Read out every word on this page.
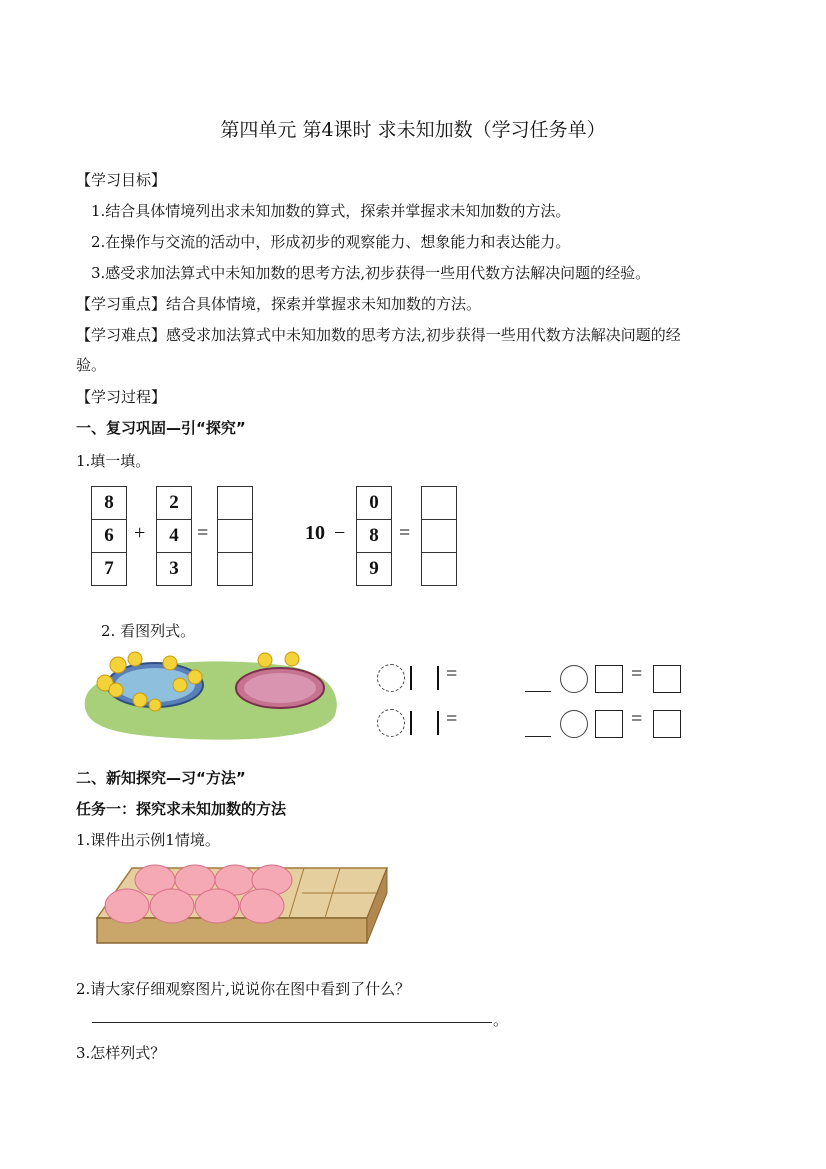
第四单元 第4课时 求未知加数（学习任务单）
【学习目标】
1.结合具体情境列出求未知加数的算式，探索并掌握求未知加数的方法。
2.在操作与交流的活动中，形成初步的观察能力、想象能力和表达能力。
3.感受求加法算式中未知加数的思考方法,初步获得一些用代数方法解决问题的经验。
【学习重点】结合具体情境，探索并掌握求未知加数的方法。
【学习难点】感受求加法算式中未知加数的思考方法,初步获得一些用代数方法解决问题的经
验。
【学习过程】
一、复习巩固—引“探究”
1.填一填。
8
6
7
+
2
4
3
=	10 −
0
8
9
=
2. 看图列式。
=	=
=	=
二、新知探究—习“方法”
任务一：探究求未知加数的方法
1.课件出示例1情境。
2.请大家仔细观察图片,说说你在图中看到了什么？
。
3.怎样列式？
